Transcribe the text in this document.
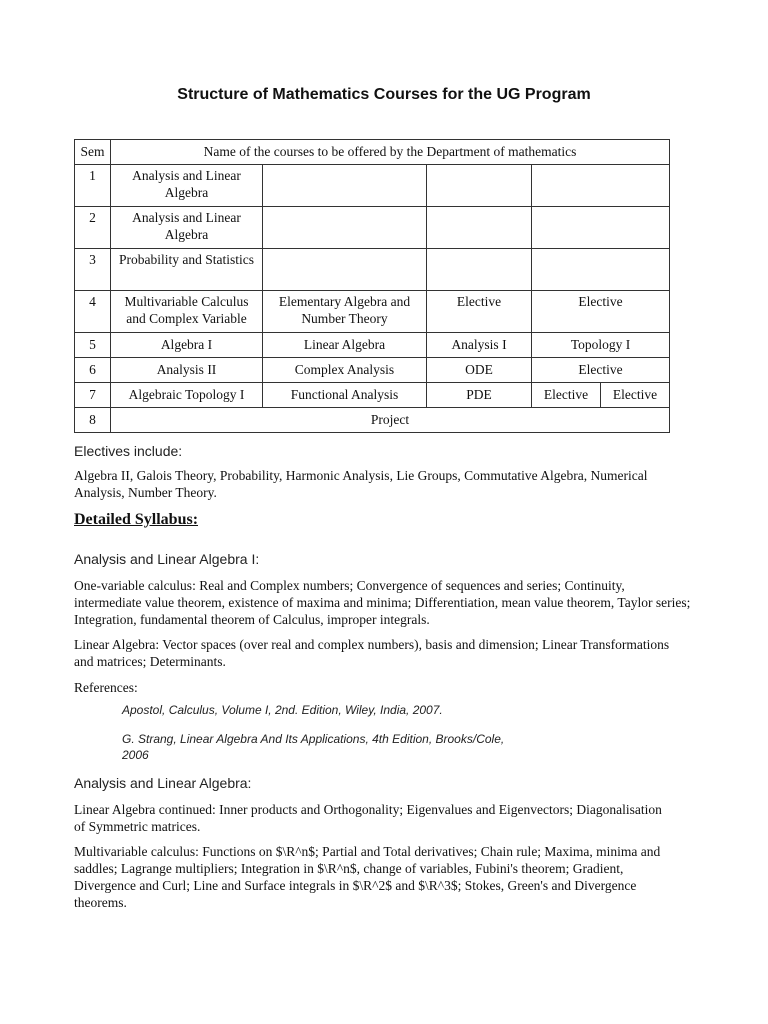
Structure of Mathematics Courses for the UG Program
Sem	Name of the courses to be offered by the Department of mathematics				
1	Analysis and Linear Algebra				
2	Analysis and Linear Algebra				
3	Probability and Statistics				
4	Multivariable Calculus and Complex Variable	Elementary Algebra and Number Theory	Elective	Elective	
5	Algebra I	Linear Algebra	Analysis I	Topology I	
6	Analysis II	Complex Analysis	ODE	Elective	
7	Algebraic Topology I	Functional Analysis	PDE	Elective	Elective
8	Project				
Electives include:
Algebra II, Galois Theory, Probability, Harmonic Analysis, Lie Groups, Commutative Algebra, Numerical Analysis, Number Theory.
Detailed Syllabus:
Analysis and Linear Algebra I:
One-variable calculus: Real and Complex numbers; Convergence of sequences and series; Continuity, intermediate value theorem, existence of maxima and minima; Differentiation, mean value theorem, Taylor series; Integration, fundamental theorem of Calculus, improper integrals.
Linear Algebra: Vector spaces (over real and complex numbers), basis and dimension; Linear Transformations and matrices; Determinants.
References:
Apostol, Calculus, Volume I, 2nd. Edition, Wiley, India, 2007.
G. Strang, Linear Algebra And Its Applications, 4th Edition, Brooks/Cole, 2006
Analysis and Linear Algebra:
Linear Algebra continued: Inner products and Orthogonality; Eigenvalues and Eigenvectors; Diagonalisation of Symmetric matrices.
Multivariable calculus: Functions on $\R^n$; Partial and Total derivatives; Chain rule; Maxima, minima and saddles; Lagrange multipliers; Integration in $\R^n$, change of variables, Fubini's theorem; Gradient, Divergence and Curl; Line and Surface integrals in $\R^2$ and $\R^3$; Stokes, Green's and Divergence theorems.
